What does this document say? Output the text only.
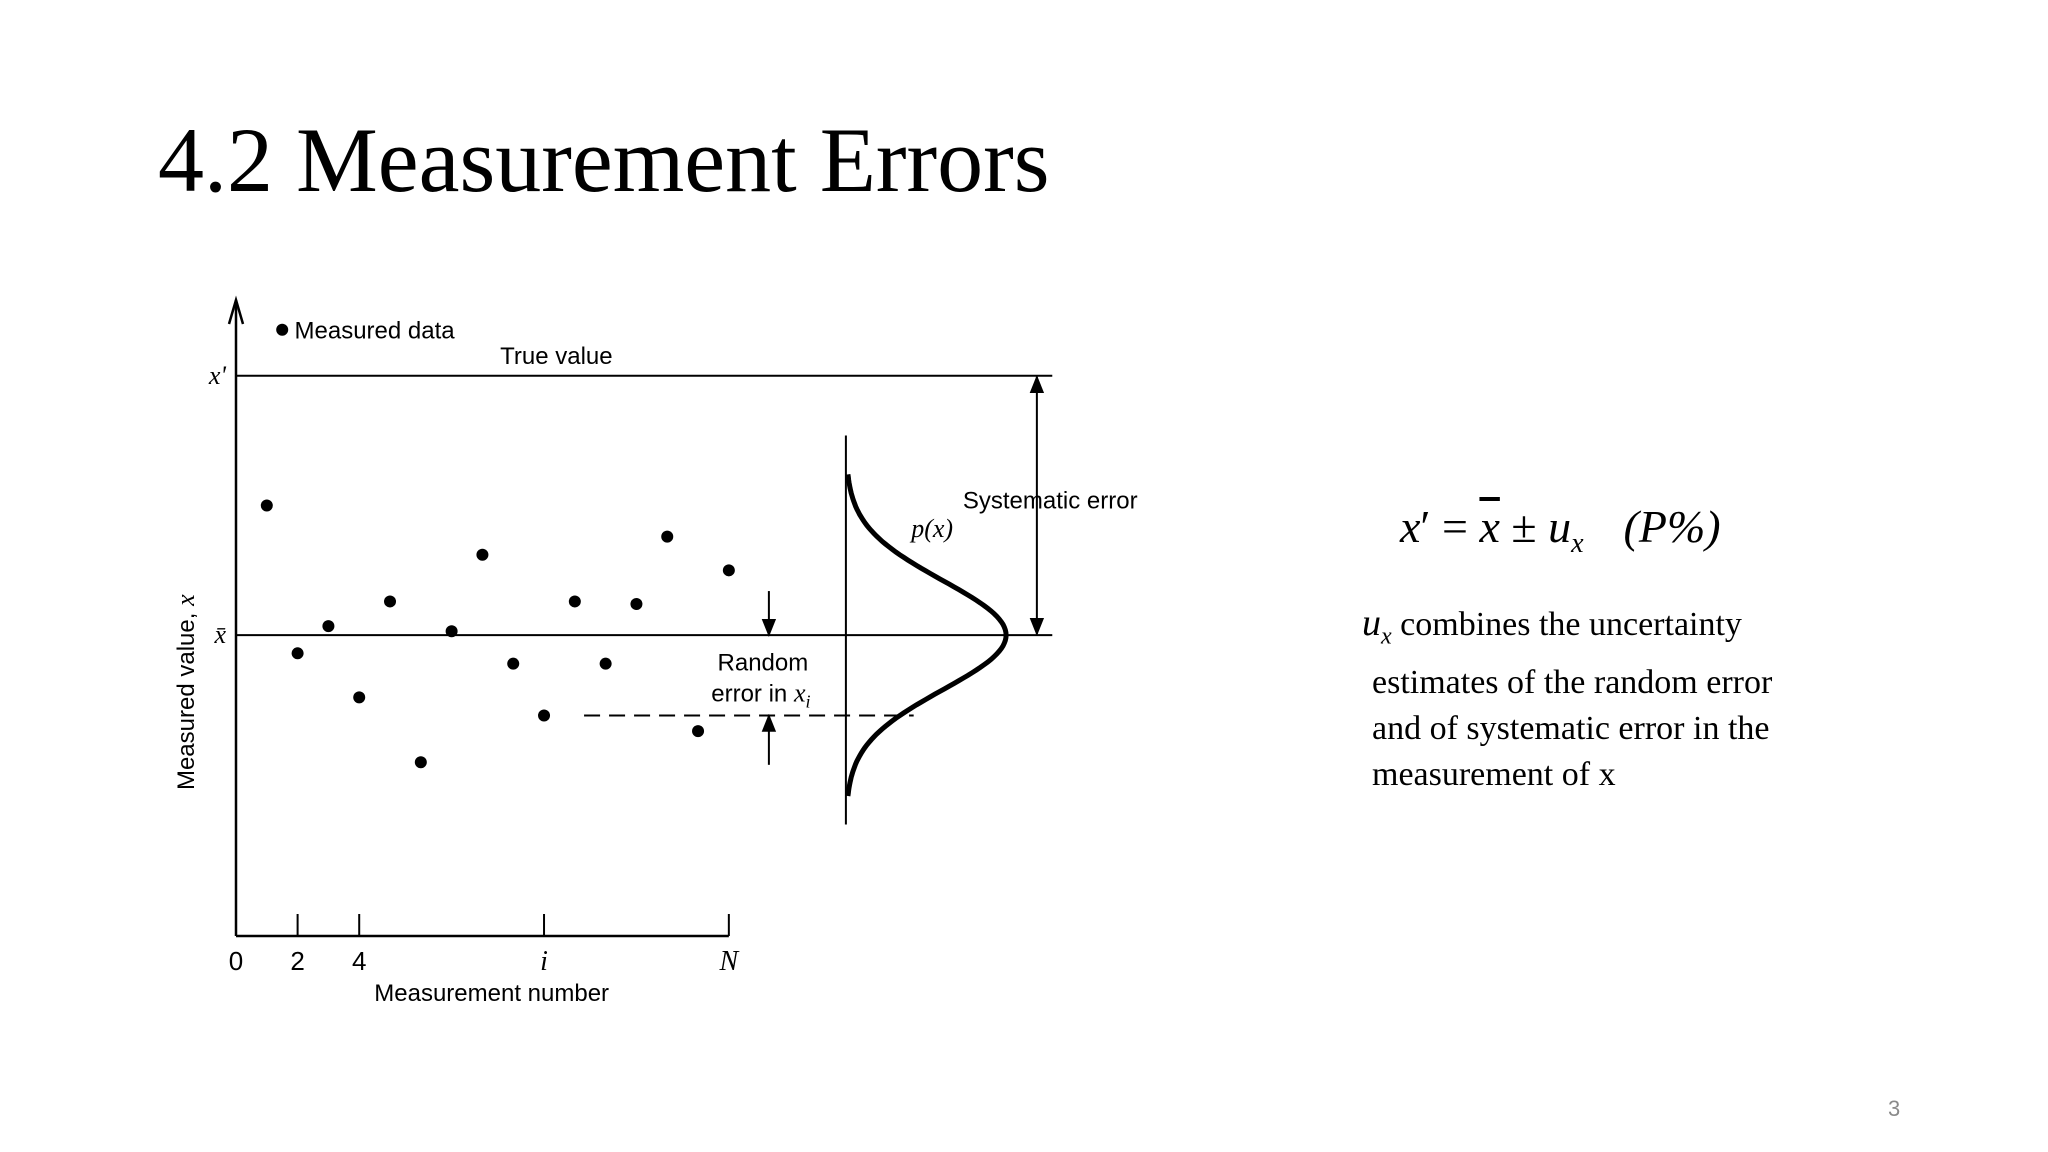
4.2 Measurement Errors
True value
0 2 4	i	N
x̄
x'
Measurement number
Measured value, x
Measured data
Random
error in $x_i$
Systematic error
p(x)	$x' = \overline{x} \pm u_x$ (P%)
$u_x$ combines the uncertainty
estimates of the random error
and of systematic error in the
measurement of x
3
